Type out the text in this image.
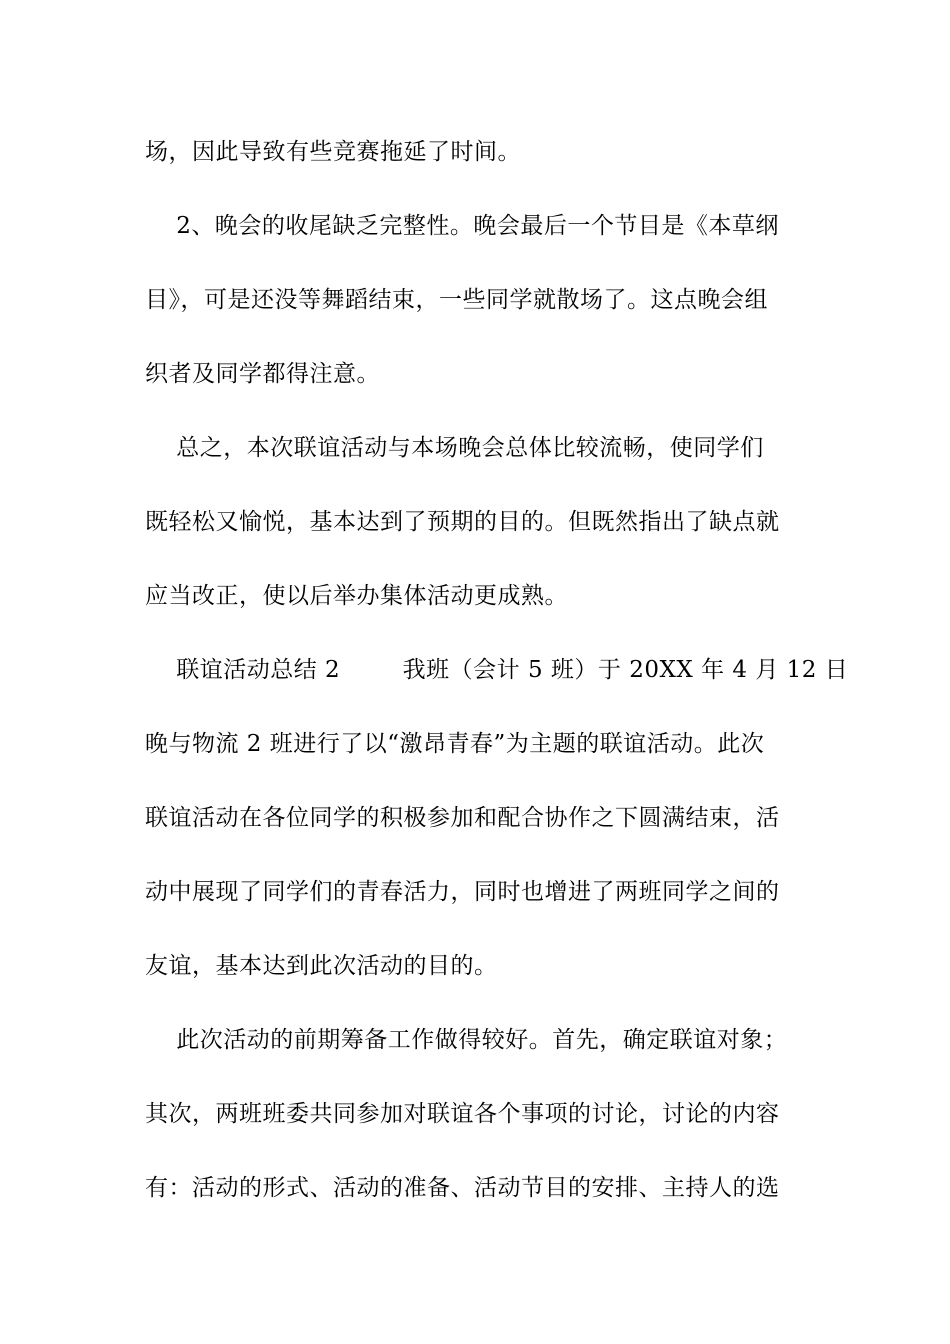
场，因此导致有些竞赛拖延了时间。
2、晚会的收尾缺乏完整性。晚会最后一个节目是《本草纲
目》，可是还没等舞蹈结束，一些同学就散场了。这点晚会组
织者及同学都得注意。
总之，本次联谊活动与本场晚会总体比较流畅，使同学们
既轻松又愉悦，基本达到了预期的目的。但既然指出了缺点就
应当改正，使以后举办集体活动更成熟。
联谊活动总结 2        我班（会计 5 班）于 20XX 年 4 月 12 日
晚与物流 2 班进行了以“激昂青春”为主题的联谊活动。此次
联谊活动在各位同学的积极参加和配合协作之下圆满结束，活
动中展现了同学们的青春活力，同时也增进了两班同学之间的
友谊，基本达到此次活动的目的。
此次活动的前期筹备工作做得较好。首先，确定联谊对象；
其次，两班班委共同参加对联谊各个事项的讨论，讨论的内容
有：活动的形式、活动的准备、活动节目的安排、主持人的选
